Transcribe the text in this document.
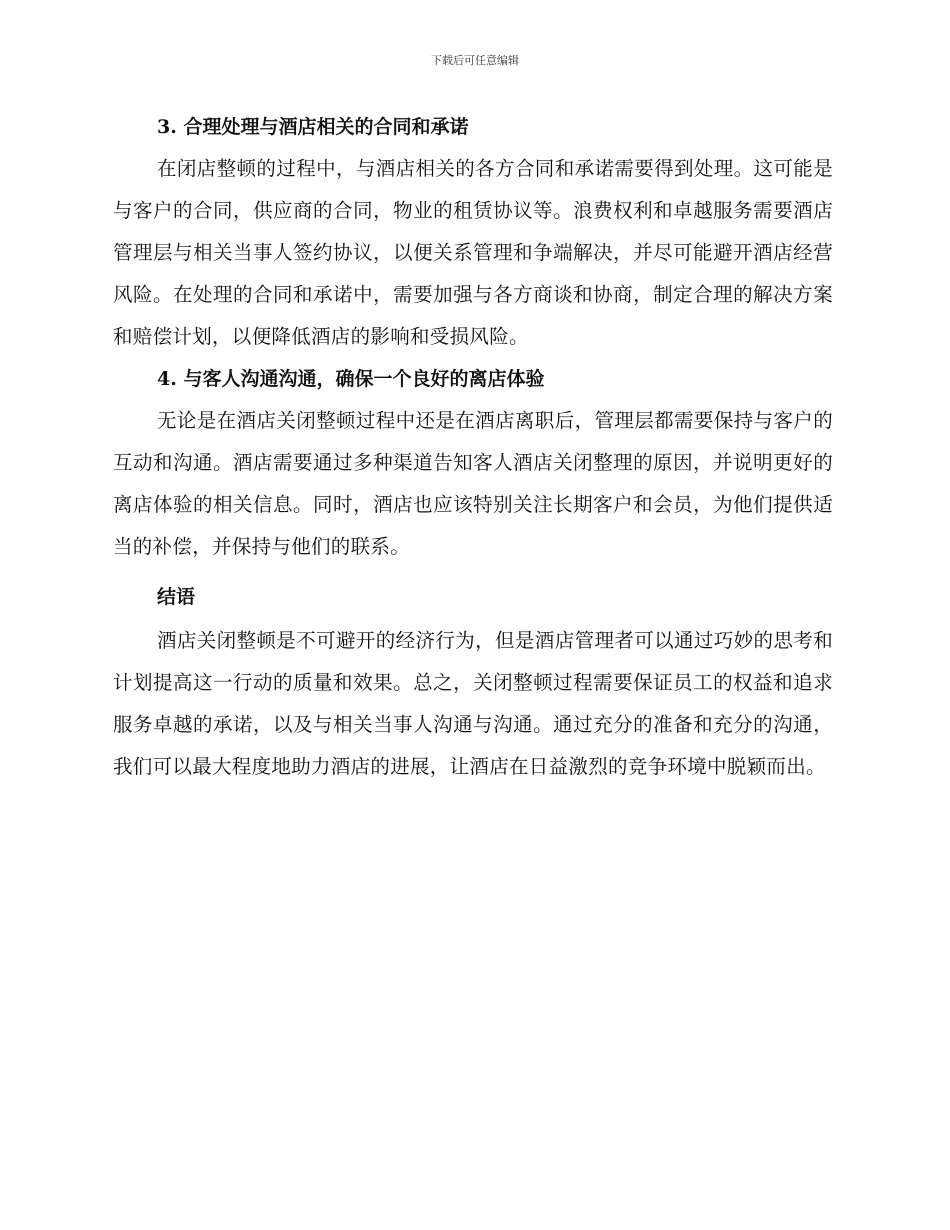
下载后可任意编辑
3. 合理处理与酒店相关的合同和承诺

在闭店整顿的过程中，与酒店相关的各方合同和承诺需要得到处理。这可能是与客户的合同，供应商的合同，物业的租赁协议等。浪费权利和卓越服务需要酒店管理层与相关当事人签约协议，以便关系管理和争端解决，并尽可能避开酒店经营风险。在处理的合同和承诺中，需要加强与各方商谈和协商，制定合理的解决方案和赔偿计划，以便降低酒店的影响和受损风险。

4. 与客人沟通沟通，确保一个良好的离店体验

无论是在酒店关闭整顿过程中还是在酒店离职后，管理层都需要保持与客户的互动和沟通。酒店需要通过多种渠道告知客人酒店关闭整理的原因，并说明更好的离店体验的相关信息。同时，酒店也应该特别关注长期客户和会员，为他们提供适当的补偿，并保持与他们的联系。

结语

酒店关闭整顿是不可避开的经济行为，但是酒店管理者可以通过巧妙的思考和计划提高这一行动的质量和效果。总之，关闭整顿过程需要保证员工的权益和追求服务卓越的承诺，以及与相关当事人沟通与沟通。通过充分的准备和充分的沟通，我们可以最大程度地助力酒店的进展，让酒店在日益激烈的竞争环境中脱颖而出。
